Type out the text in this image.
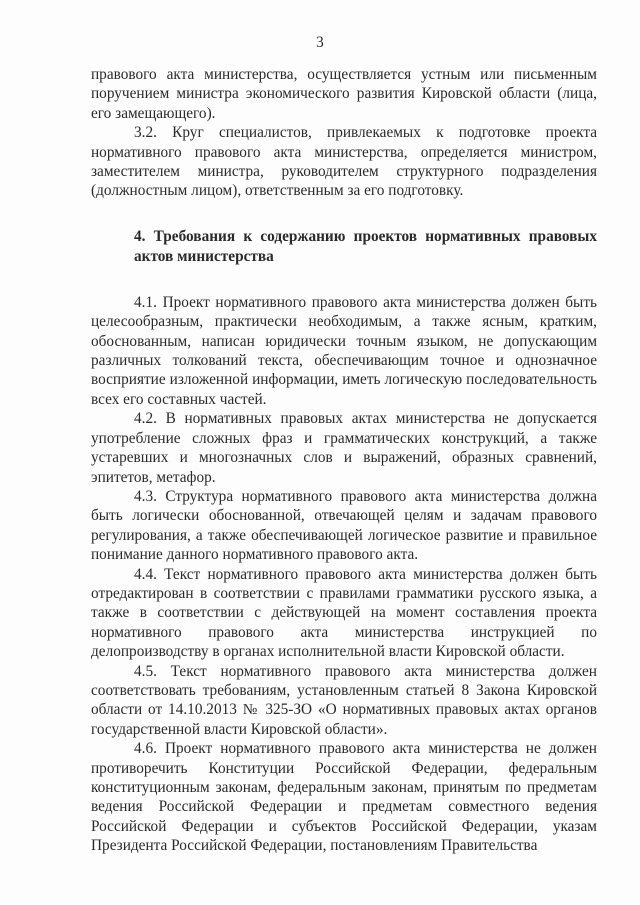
3

правового акта министерства, осуществляется устным или письменным поручением министра экономического развития Кировской области (лица, его замещающего).

3.2. Круг специалистов, привлекаемых к подготовке проекта нормативного правового акта министерства, определяется министром, заместителем министра, руководителем структурного подразделения (должностным лицом), ответственным за его подготовку.

4. Требования к содержанию проектов нормативных правовых актов министерства

4.1. Проект нормативного правового акта министерства должен быть целесообразным, практически необходимым, а также ясным, кратким, обоснованным, написан юридически точным языком, не допускающим различных толкований текста, обеспечивающим точное и однозначное восприятие изложенной информации, иметь логическую последовательность всех его составных частей.

4.2. В нормативных правовых актах министерства не допускается употребление сложных фраз и грамматических конструкций, а также устаревших и многозначных слов и выражений, образных сравнений, эпитетов, метафор.

4.3. Структура нормативного правового акта министерства должна быть логически обоснованной, отвечающей целям и задачам правового регулирования, а также обеспечивающей логическое развитие и правильное понимание данного нормативного правового акта.

4.4. Текст нормативного правового акта министерства должен быть отредактирован в соответствии с правилами грамматики русского языка, а также в соответствии с действующей на момент составления проекта нормативного правового акта министерства инструкцией по делопроизводству в органах исполнительной власти Кировской области.

4.5. Текст нормативного правового акта министерства должен соответствовать требованиям, установленным статьей 8 Закона Кировской области от 14.10.2013 № 325-ЗО «О нормативных правовых актах органов государственной власти Кировской области».

4.6. Проект нормативного правового акта министерства не должен противоречить Конституции Российской Федерации, федеральным конституционным законам, федеральным законам, принятым по предметам ведения Российской Федерации и предметам совместного ведения Российской Федерации и субъектов Российской Федерации, указам Президента Российской Федерации, постановлениям Правительства
